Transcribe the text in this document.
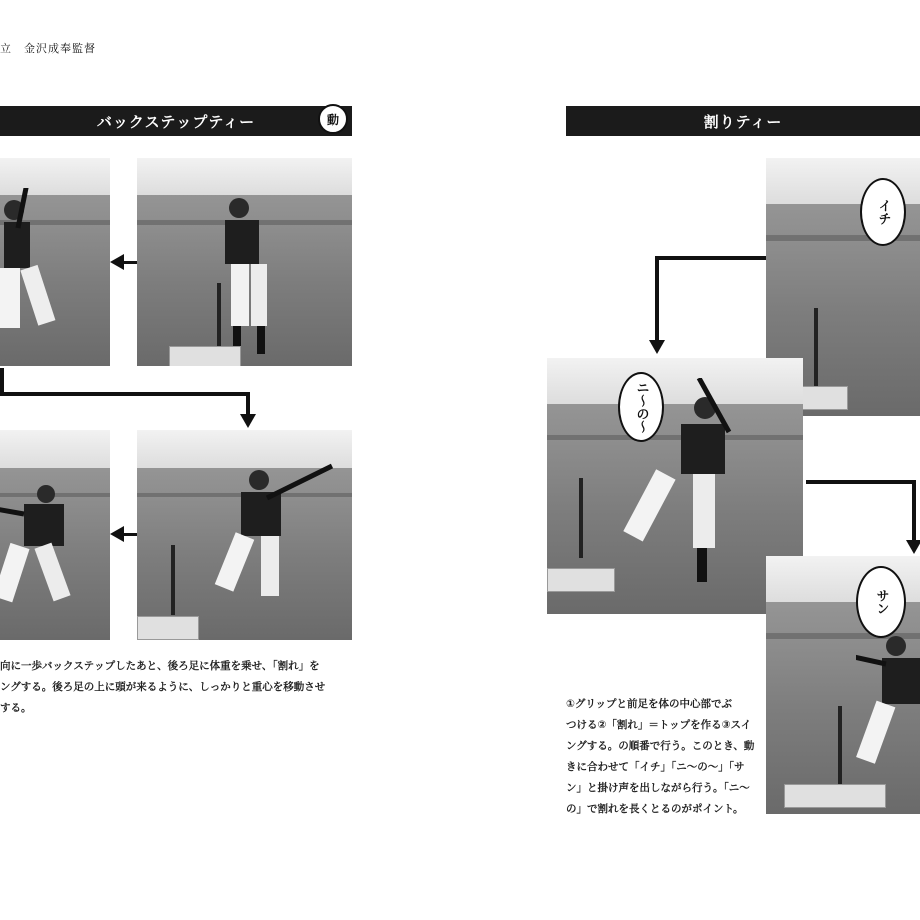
立　金沢成奉監督
バックステップティー	動
向に一歩バックステップしたあと、後ろ足に体重を乗せ、「割れ」を
ングする。後ろ足の上に頭が来るように、しっかりと重心を移動させ
する。
割りティー
イチ
ニ〜の〜
サン
①グリップと前足を体の中心部でぶ
つける②「割れ」＝トップを作る③スイ
ングする。の順番で行う。このとき、動
きに合わせて「イチ」「ニ〜の〜」「サ
ン」と掛け声を出しながら行う。「ニ〜
の」で割れを長くとるのがポイント。
